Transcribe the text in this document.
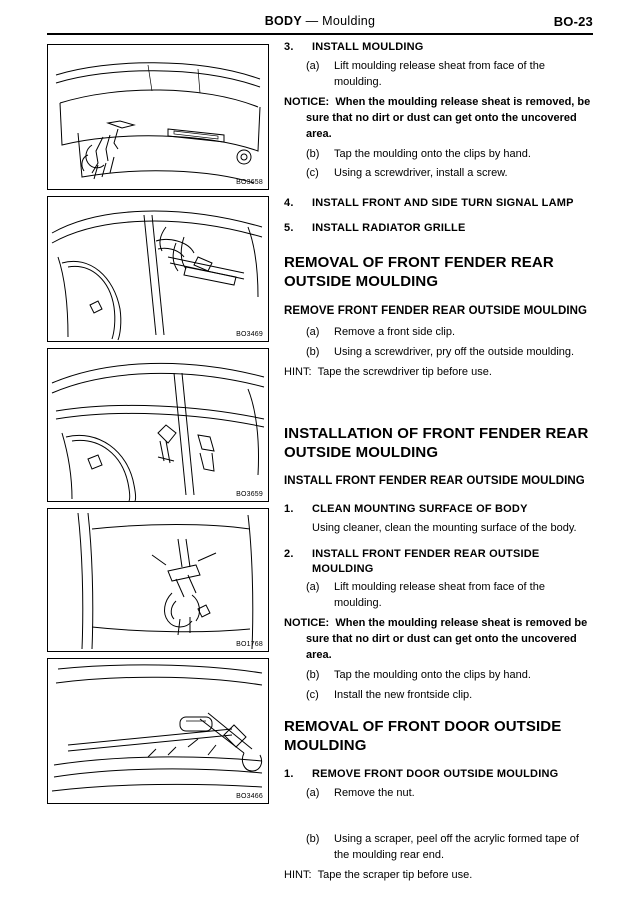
BODY — Moulding	BO-23
BO3658
BO3469
BO3659
BO1768
BO3466

3. INSTALL MOULDING

(a) Lift moulding release sheat from face of the moulding.

NOTICE: When the moulding release sheat is removed, be sure that no dirt or dust can get onto the uncovered area.

(b) Tap the moulding onto the clips by hand.

(c) Using a screwdriver, install a screw.

4. INSTALL FRONT AND SIDE TURN SIGNAL LAMP

5. INSTALL RADIATOR GRILLE

REMOVAL OF FRONT FENDER REAR OUTSIDE MOULDING
REMOVE FRONT FENDER REAR OUTSIDE MOULDING

(a) Remove a front side clip.

(b) Using a screwdriver, pry off the outside moulding.

HINT: Tape the screwdriver tip before use.

INSTALLATION OF FRONT FENDER REAR OUTSIDE MOULDING
INSTALL FRONT FENDER REAR OUTSIDE MOULDING

1. CLEAN MOUNTING SURFACE OF BODY

Using cleaner, clean the mounting surface of the body.

2. INSTALL FRONT FENDER REAR OUTSIDE MOULDING

(a) Lift moulding release sheat from face of the moulding.

NOTICE: When the moulding release sheat is removed be sure that no dirt or dust can get onto the uncovered area.

(b) Tap the moulding onto the clips by hand.

(c) Install the new frontside clip.

REMOVAL OF FRONT DOOR OUTSIDE MOULDING

1. REMOVE FRONT DOOR OUTSIDE MOULDING

(a) Remove the nut.

(b) Using a scraper, peel off the acrylic formed tape of the moulding rear end.

HINT: Tape the scraper tip before use.
